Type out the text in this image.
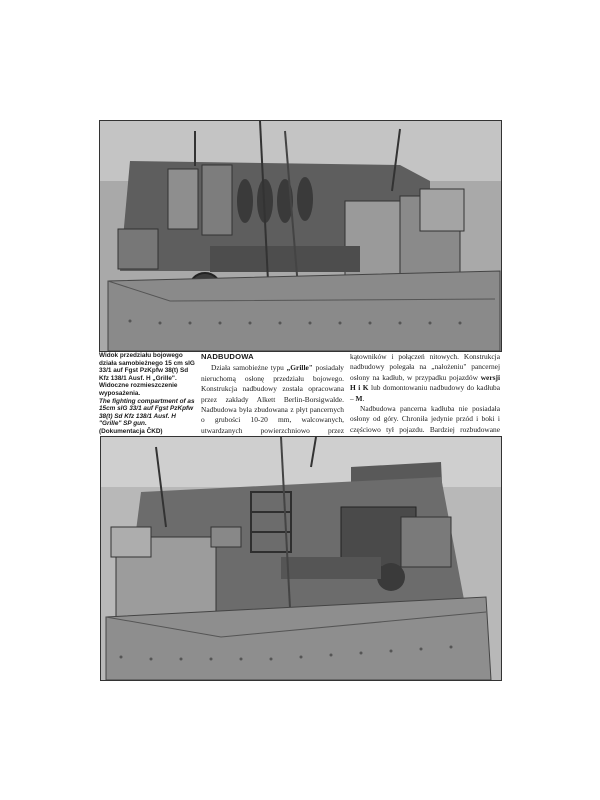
Widok przedziału bojowego działa samobieżnego 15 cm sIG 33/1 auf Fgst PzKpfw 38(t) Sd Kfz 138/1 Ausf. H „Grille". Widoczne rozmieszczenie wyposażenia.
The fighting compartment of as 15cm sIG 33/1 auf Fgst PzKpfw 38(t) Sd Kfz 138/1 Ausf. H "Grille" SP gun.
(Dokumentacja ČKD)
NADBUDOWA

Działa samobieżne typu „Grille" posiadały nieruchomą osłonę przedziału bojowego. Konstrukcja nadbudowy została opracowana przez zakłady Alkett Berlin-Borsigwalde. Nadbudowa była zbudowana z płyt pancernych o grubości 10-20 mm, walcowanych, utwardzanych powierzchniowo przez

kątowników i połączeń nitowych. Konstrukcja nadbudowy polegała na „nałożeniu" pancernej osłony na kadłub, w przypadku pojazdów wersji H i K lub domontowaniu nadbudowy do kadłuba – M.

Nadbudowa pancerna kadłuba nie posiadała osłony od góry. Chroniła jedynie przód i boki i częściowo tył pojazdu. Bardziej rozbudowane
